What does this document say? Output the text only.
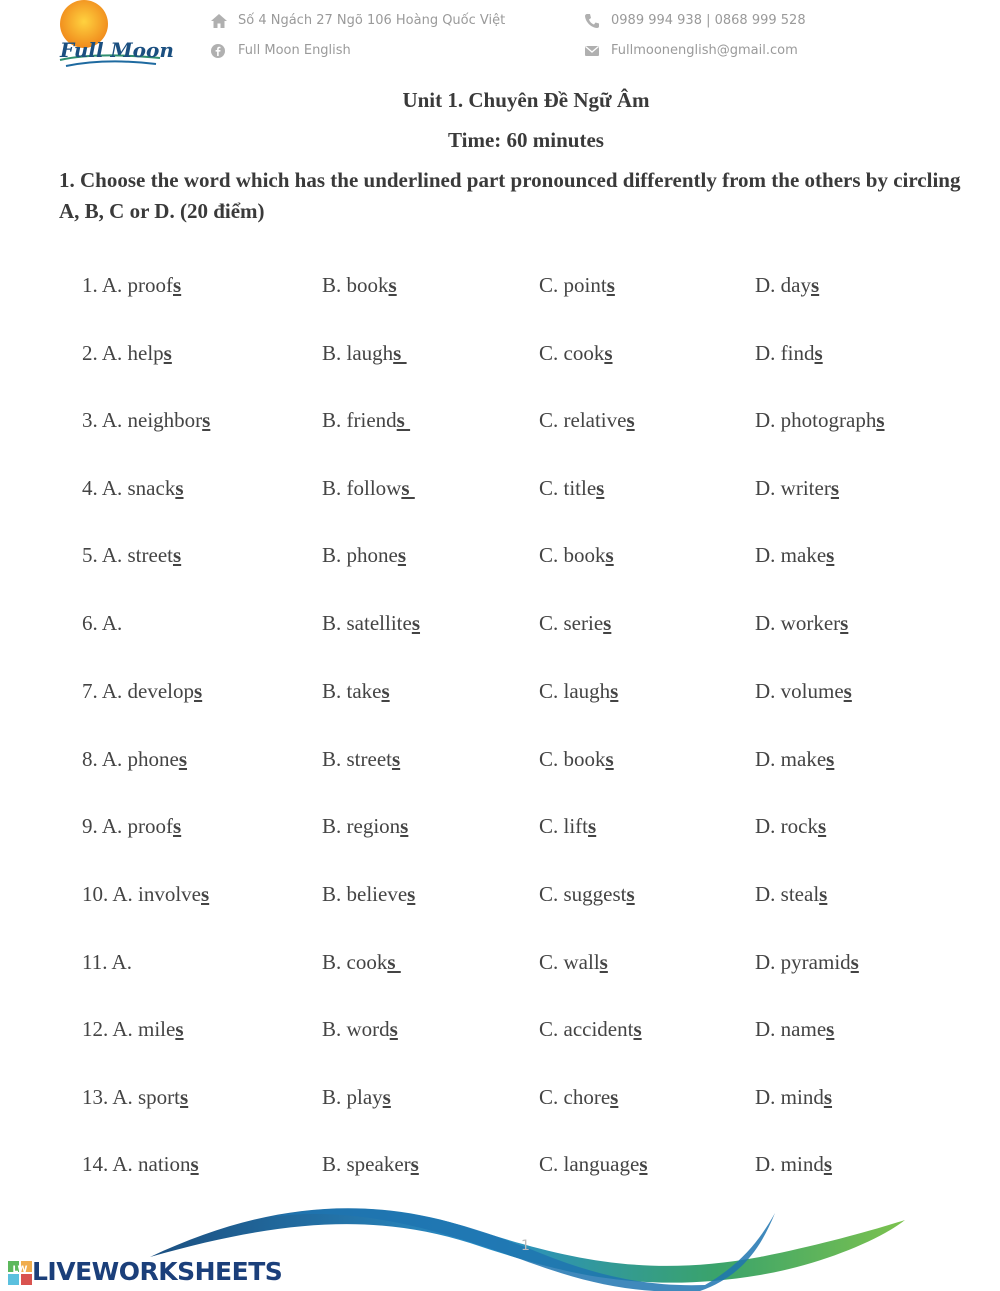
Full Moon
Số 4 Ngách 27 Ngõ 106 Hoàng Quốc Việt
Full Moon English
0989 994 938 | 0868 999 528
Fullmoonenglish@gmail.com
Unit 1. Chuyên Đề Ngữ Âm
Time: 60 minutes
1. Choose the word which has the underlined part pronounced differently from the others by circling A, B, C or D. (20 điểm)
1. A. proofs	B. books	C. points	D. days
2. A. helps	B. laughs	C. cooks	D. finds
3. A. neighbors	B. friends	C. relatives	D. photographs
4. A. snacks	B. follows	C. titles	D. writers
5. A. streets	B. phones	C. books	D. makes
6. A.	B. satellites	C. series	D. workers
7. A. develops	B. takes	C. laughs	D. volumes
8. A. phones	B. streets	C. books	D. makes
9. A. proofs	B. regions	C. lifts	D. rocks
10. A. involves	B. believes	C. suggests	D. steals
11. A.	B. cooks	C. walls	D. pyramids
12. A. miles	B. words	C. accidents	D. names
13. A. sports	B. plays	C. chores	D. minds
14. A. nations	B. speakers	C. languages	D. minds
1
LW LIVEWORKSHEETS
